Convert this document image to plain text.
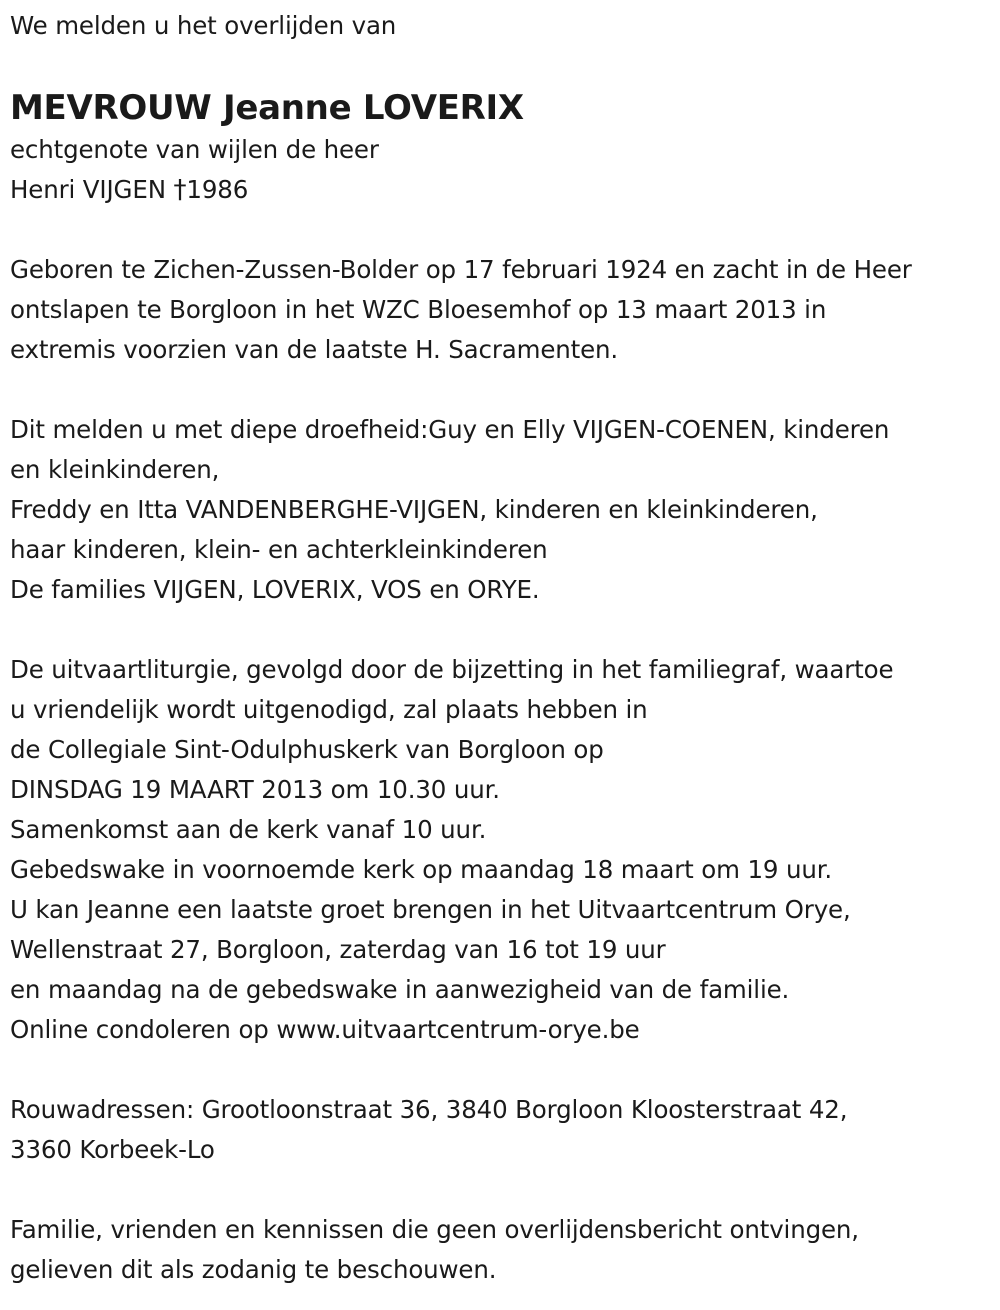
We melden u het overlijden van
MEVROUW Jeanne LOVERIX
echtgenote van wijlen de heer
Henri VIJGEN †1986
Geboren te Zichen-Zussen-Bolder op 17 februari 1924 en zacht in de Heer
ontslapen te Borgloon in het WZC Bloesemhof op 13 maart 2013 in
extremis voorzien van de laatste H. Sacramenten.
Dit melden u met diepe droefheid:Guy en Elly VIJGEN-COENEN, kinderen
en kleinkinderen,
Freddy en Itta VANDENBERGHE-VIJGEN, kinderen en kleinkinderen,
haar kinderen, klein- en achterkleinkinderen
De families VIJGEN, LOVERIX, VOS en ORYE.
De uitvaartliturgie, gevolgd door de bijzetting in het familiegraf, waartoe
u vriendelijk wordt uitgenodigd, zal plaats hebben in
de Collegiale Sint-Odulphuskerk van Borgloon op
DINSDAG 19 MAART 2013 om 10.30 uur.
Samenkomst aan de kerk vanaf 10 uur.
Gebedswake in voornoemde kerk op maandag 18 maart om 19 uur.
U kan Jeanne een laatste groet brengen in het Uitvaartcentrum Orye,
Wellenstraat 27, Borgloon, zaterdag van 16 tot 19 uur
en maandag na de gebedswake in aanwezigheid van de familie.
Online condoleren op www.uitvaartcentrum-orye.be
Rouwadressen: Grootloonstraat 36, 3840 Borgloon Kloosterstraat 42,
3360 Korbeek-Lo
Familie, vrienden en kennissen die geen overlijdensbericht ontvingen,
gelieven dit als zodanig te beschouwen.
